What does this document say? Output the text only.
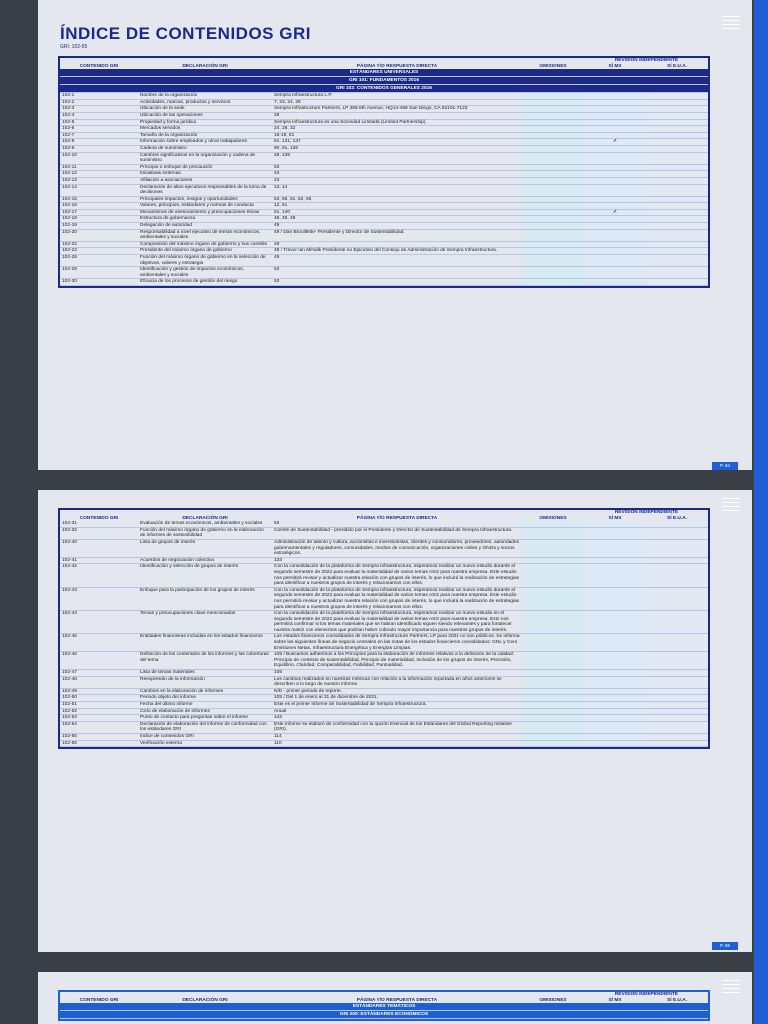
ÍNDICE DE CONTENIDOS GRI
GRI: 102-55
REVISIÓN INDEPENDIENTE					
CONTENIDO GRI	DECLARACIÓN GRI	PÁGINA Y/O RESPUESTA DIRECTA	OMISIONES	SÍ MX	SÍ E.U.A.
ESTÁNDARES UNIVERSALES					
GRI 101: FUNDAMENTOS 2016					
GRI 102: CONTENIDOS GENERALES 2016					
102-1	Nombre de la organización	Sempra Infraestructura L.P.			
102-2	Actividades, marcas, productos y servicios	7, 23, 24, 28			
102-3	Ubicación de la sede	Sempra Infrastructure Partners, LP 488 8th Avenue, HQ14-458 San Diego, CA 92101-7123			
102-4	Ubicación de las operaciones	28			
102-5	Propiedad y forma jurídica	Sempra Infraestructura es una Sociedad Limitada (Limited Partnership).			
102-6	Mercados servidos	24, 28, 32			
102-7	Tamaño de la organización	16-19, 81			
102-8	Información sobre empleados y otros trabajadores	81, 131, 137		✓	
102-9	Cadena de suministro	90, 91, 136			
102-10	Cambios significativos en la organización y cadena de suministro	28, 136			
102-11	Principio o enfoque de precaución	53			
102-12	Iniciativas externas	43			
102-13	Afiliación a asociaciones	43			
102-14	Declaración de altos ejecutivos responsables de la toma de decisiones	13, 14			
102-15	Principales impactos, riesgos y oportunidades	53, 56, 61, 62, 65			
102-16	Valores, principios, estándares y normas de conducta	12, 51			
102-17	Mecanismos de asesoramiento y preocupaciones éticas	51, 140		✓	
102-18	Estructura de gobernanza	46, 48, 49			
102-19	Delegación de autoridad	49			
102-20	Responsabilidad a nivel ejecutivo de temas económicos, ambientales y sociales	49 / Dan Brouillette- Presidente y Director de Sustentabilidad.			
102-22	Composición del máximo órgano de gobierno y sus comités	48			
102-23	Presidente del máximo órgano de gobierno	48 / Trevor Ian Mihalik Presidente no Ejecutivo del Consejo de Administración de Sempra Infraestructura.			
102-26	Función del máximo órgano de gobierno en la selección de objetivos, valores y estrategia	49			
102-29	Identificación y gestión de impactos económicos, ambientales y sociales	53			
102-30	Eficacia de los procesos de gestión del riesgo	53			
P. 94
REVISIÓN INDEPENDIENTE					
CONTENIDO GRI	DECLARACIÓN GRI	PÁGINA Y/O RESPUESTA DIRECTA	OMISIONES	SÍ MX	SÍ E.U.A.
102-31	Evaluación de temas económicos, ambientales y sociales	53			
102-32	Función del máximo órgano de gobierno en la elaboración de informes de sostenibilidad	Comité de Sustentabilidad - presidido por el Presidente y Director de Sustentabilidad de Sempra Infraestructura.			
102-40	Lista de grupos de interés	Administración de talento y cultura, accionistas e inversionistas, clientes y consumidores, proveedores, autoridades gubernamentales y reguladores, comunidades, medios de comunicación, organizaciones civiles y ONGs y socios estratégicos.			
102-41	Acuerdos de negociación colectiva	133			
102-42	Identificación y selección de grupos de interés	Con la consolidación de la plataforma de Sempra Infraestructura, esperamos realizar un nuevo estudio durante el segundo semestre de 2022 para evaluar la materialidad de varios temas ASG para nuestra empresa. Este estudio nos permitirá revisar y actualizar nuestra relación con grupos de interés, lo que incluirá la realización de estrategias para identificar a nuestros grupos de interés y relacionarnos con ellos.			
102-43	Enfoque para la participación de los grupos de interés	Con la consolidación de la plataforma de Sempra Infraestructura, esperamos realizar un nuevo estudio durante el segundo semestre de 2022 para evaluar la materialidad de varios temas ASG para nuestra empresa. Este estudio nos permitirá revisar y actualizar nuestra relación con grupos de interés, lo que incluirá la realización de estrategias para identificar a nuestros grupos de interés y relacionarnos con ellos.			
102-44	Temas y preocupaciones clave mencionados	Con la consolidación de la plataforma de Sempra Infraestructura, esperamos realizar un nuevo estudio en el segundo semestre de 2022 para evaluar la materialidad de varios temas ASG para nuestra empresa. Esto nos permitirá confirmar si los temas materiales que se habían identificado siguen siendo relevantes y para fortalecer nuestra matriz con elementos que podrían haber cobrado mayor importancia para nuestros grupos de interés.			
102-45	Entidades financieras incluidas en los estados financieros	Los estados financieros consolidados de Sempra Infrastructure Partners, LP para 2021 no son públicos. Se informa sobre las siguientes líneas de negocio centrales en las notas de los estados financieros consolidados: GNL y Cero Emisiones Netas, Infraestructura Energética y Energías Limpias.			
102-46	Definición de los contenidos de los informes y las coberturas del tema	105 / Buscamos adherirnos a los Principios para la elaboración de informes relativos a la definición de la calidad: Principio de contexto de sustentabilidad, Principio de materialidad, Inclusión de los grupos de interés, Precisión, Equilibrio, Claridad, Comparabilidad, Fiabilidad, Puntualidad.			
102-47	Lista de temas materiales	105			
102-48	Reexpresión de la información	Los cambios realizados en nuestras métricas con relación a la información reportada en años anteriores se describen a lo largo de nuestro informe.			
102-49	Cambios en la elaboración de informes	N/D - primer periodo de reporte.			
102-50	Periodo objeto del informe	105 / Del 1 de enero al 31 de diciembre de 2021.			
102-51	Fecha del último informe	Este es el primer Informe de Sustentabilidad de Sempra Infraestructura.			
102-52	Ciclo de elaboración de informes	Anual			
102-53	Punto de contacto para preguntas sobre el informe	142			
102-54	Declaración de elaboración del informe de conformidad con los estándares GRI	Este informe se elaboró de conformidad con la opción Esencial de los Estándares del Global Reporting Initiative (GRI).			
102-55	Índice de contenidos GRI	114			
102-56	Verificación externa	110			
P. 95
REVISIÓN INDEPENDIENTE
CONTENIDO GRI	DECLARACIÓN GRI	PÁGINA Y/O RESPUESTA DIRECTA	OMISIONES	SÍ MX	SÍ E.U.A.
ESTÁNDARES TEMÁTICOS
GRI 200: ESTÁNDARES ECONÓMICOS
